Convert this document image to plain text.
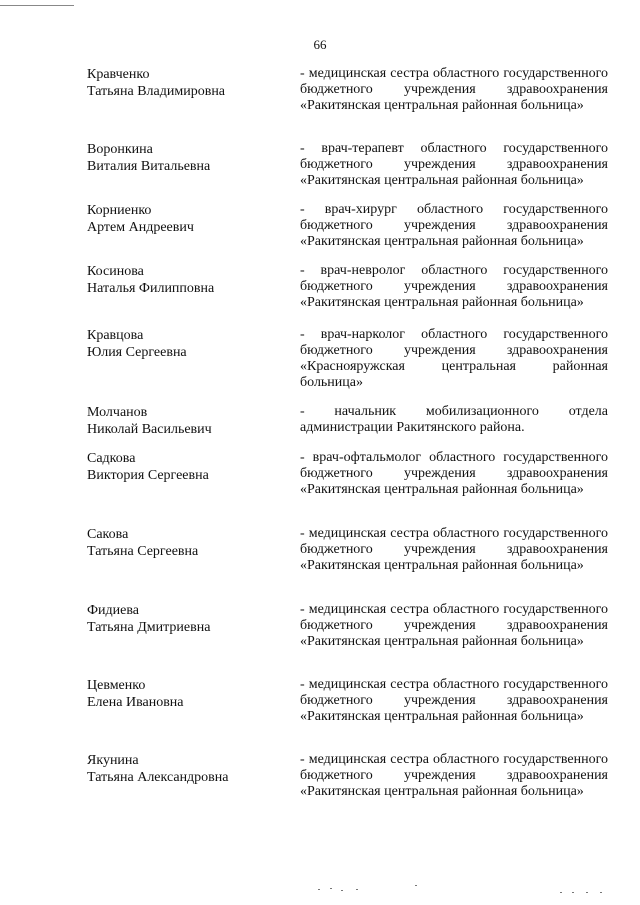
66
Кравченко
Татьяна Владимировна
- медицинская сестра областного государственного бюджетного учреждения здравоохранения «Ракитянская центральная районная больница»
Воронкина
Виталия Витальевна
- врач-терапевт областного государственного бюджетного учреждения здравоохранения «Ракитянская центральная районная больница»
Корниенко
Артем Андреевич
- врач-хирург областного государственного бюджетного учреждения здравоохранения «Ракитянская центральная районная больница»
Косинова
Наталья Филипповна
- врач-невролог областного государственного бюджетного учреждения здравоохранения «Ракитянская центральная районная больница»
Кравцова
Юлия Сергеевна
- врач-нарколог областного государственного бюджетного учреждения здравоохранения «Краснояружская центральная районная больница»
Молчанов
Николай Васильевич
- начальник мобилизационного отдела администрации Ракитянского района.
Садкова
Виктория Сергеевна
- врач-офтальмолог областного государственного бюджетного учреждения здравоохранения «Ракитянская центральная районная больница»
Сакова
Татьяна Сергеевна
- медицинская сестра областного государственного бюджетного учреждения здравоохранения «Ракитянская центральная районная больница»
Фидиева
Татьяна Дмитриевна
- медицинская сестра областного государственного бюджетного учреждения здравоохранения «Ракитянская центральная районная больница»
Цевменко
Елена Ивановна
- медицинская сестра областного государственного бюджетного учреждения здравоохранения «Ракитянская центральная районная больница»
Якунина
Татьяна Александровна
- медицинская сестра областного государственного бюджетного учреждения здравоохранения «Ракитянская центральная районная больница»
